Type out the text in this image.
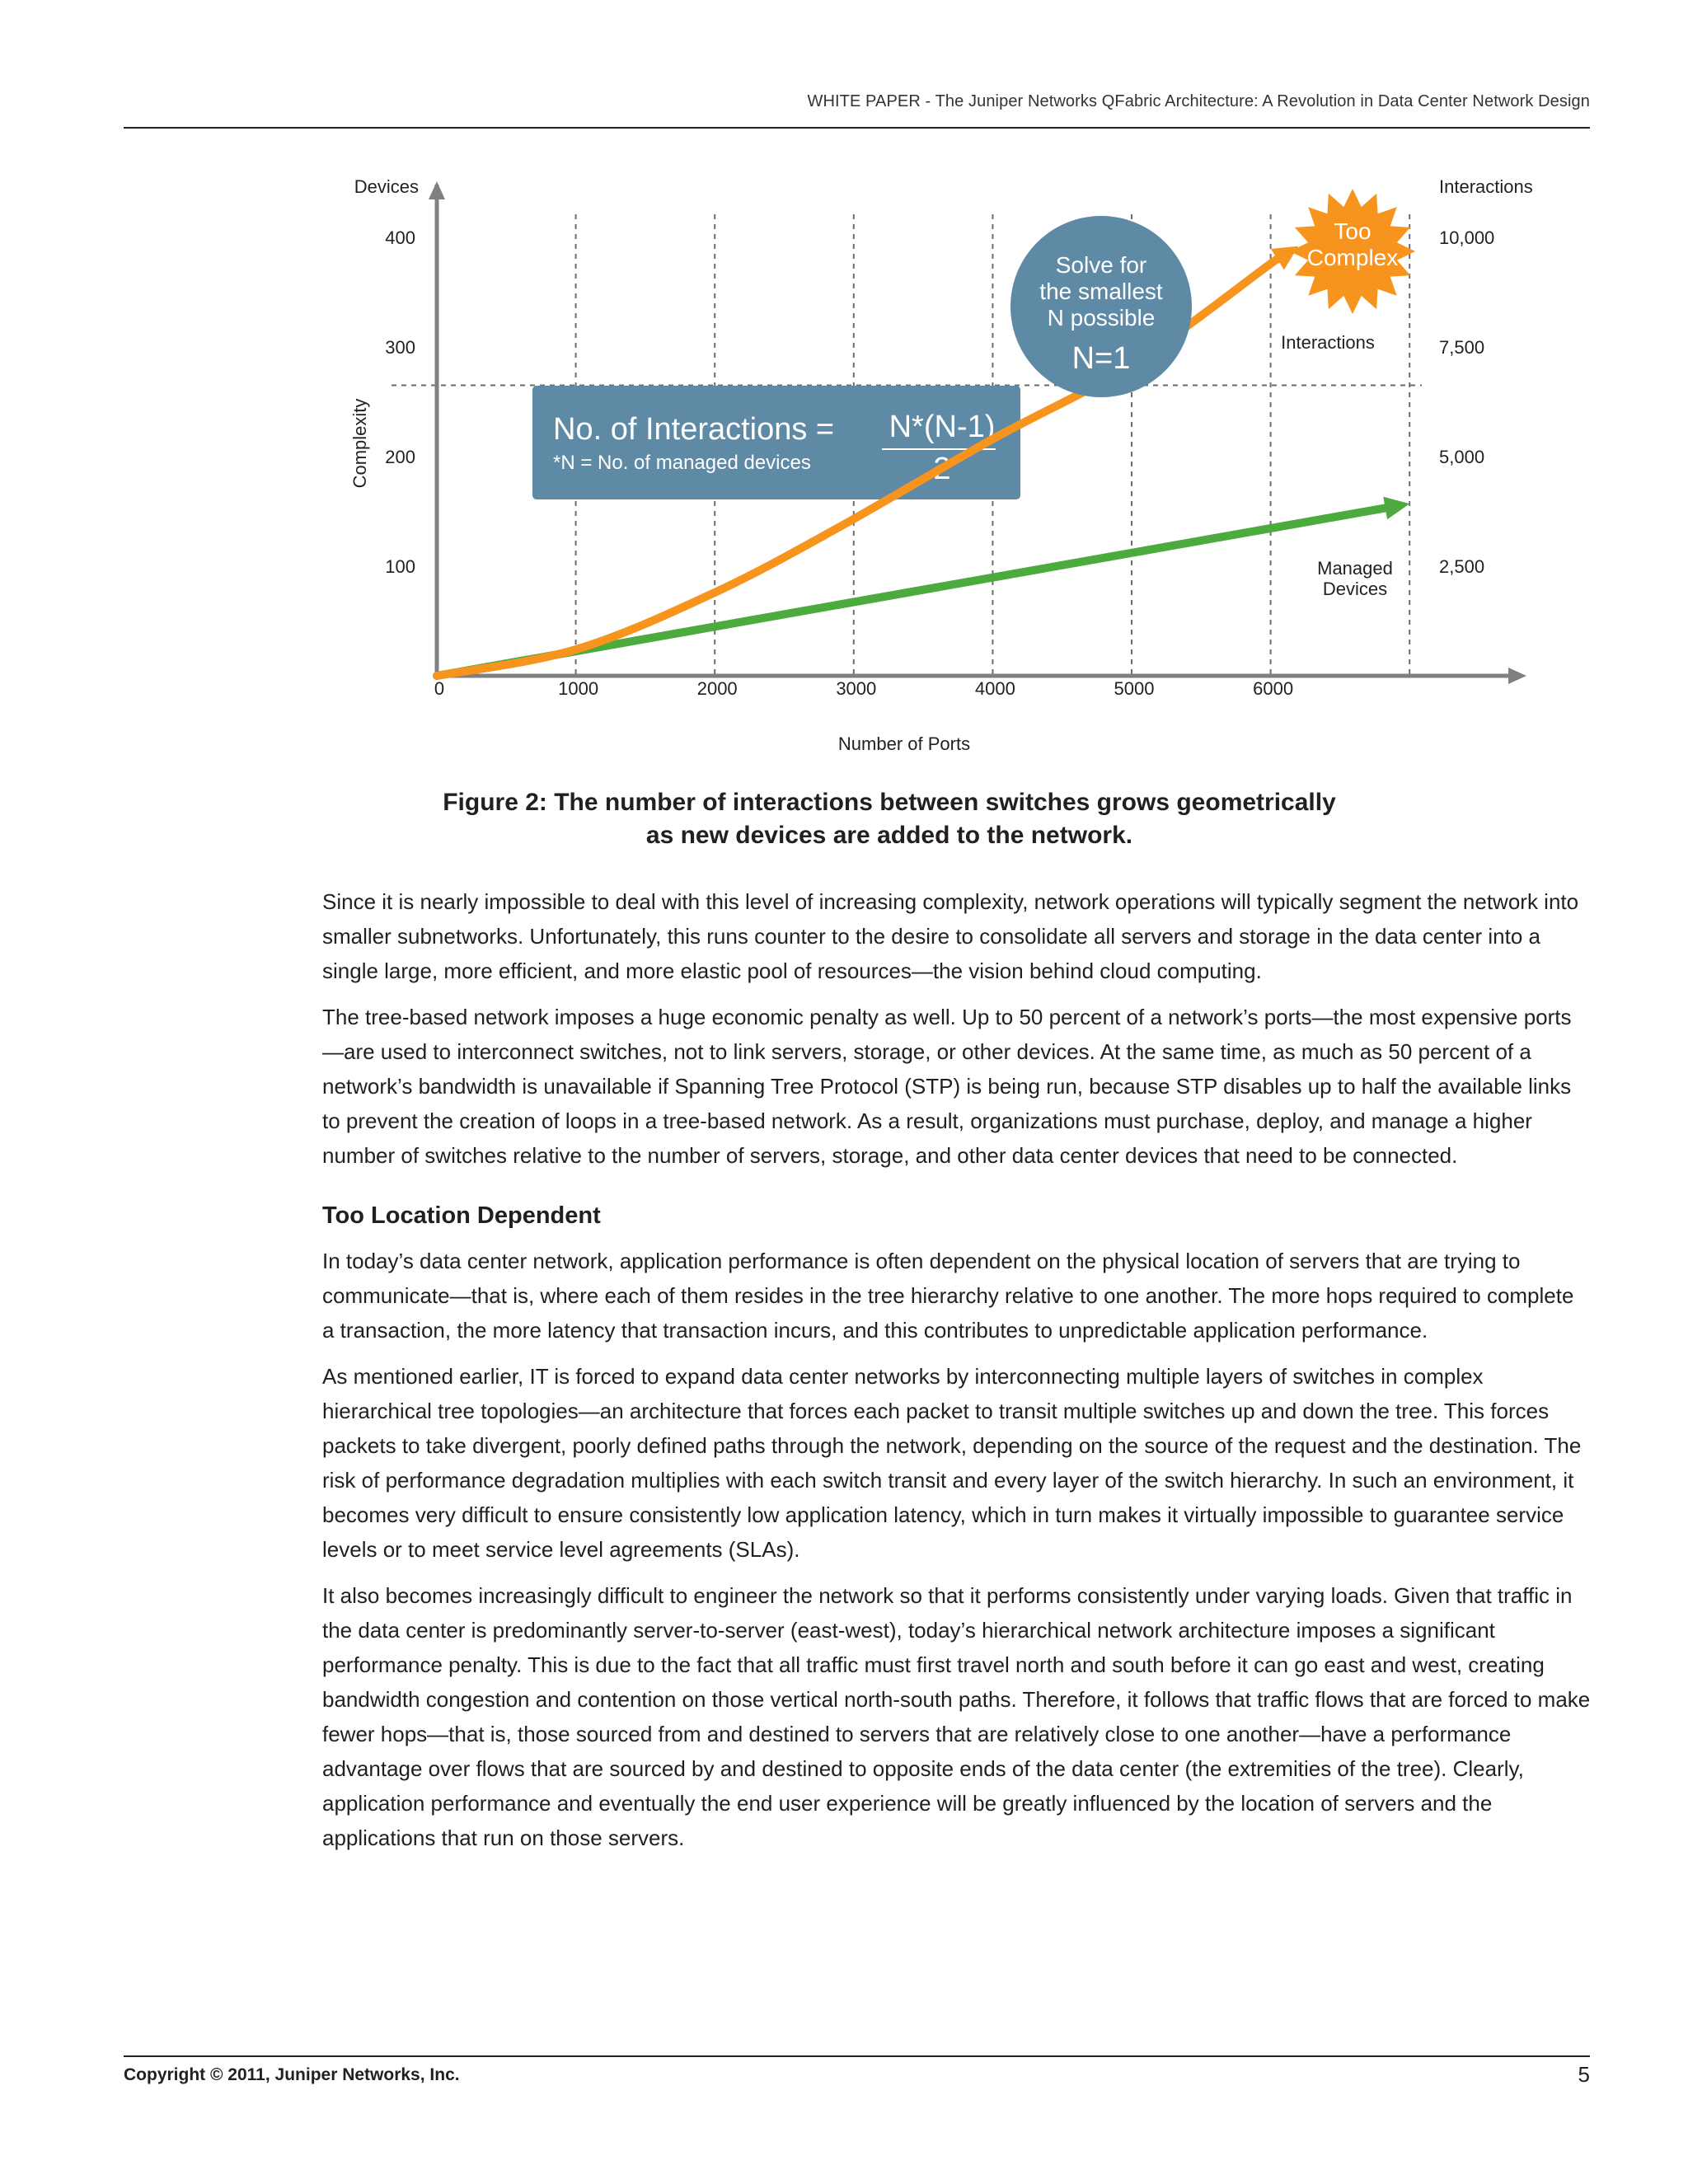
WHITE PAPER - The Juniper Networks QFabric Architecture: A Revolution in Data Center Network Design
0	1000	2000	3000	4000	5000	6000
100
200
300
400
2,500
5,000
7,500
10,000
Devices	Interactions
Complexity
Number of Ports
No. of Interactions = N*(N-1)
2
*N = No. of managed devices
Interactions
Managed
Devices
Solve for
the smallest
N possible
N=1
Too
Complex
Figure 2: The number of interactions between switches grows geometrically as new devices are added to the network.

Since it is nearly impossible to deal with this level of increasing complexity, network operations will typically segment the network into smaller subnetworks. Unfortunately, this runs counter to the desire to consolidate all servers and storage in the data center into a single large, more efficient, and more elastic pool of resources—the vision behind cloud computing.

The tree-based network imposes a huge economic penalty as well. Up to 50 percent of a network’s ports—the most expensive ports—are used to interconnect switches, not to link servers, storage, or other devices. At the same time, as much as 50 percent of a network’s bandwidth is unavailable if Spanning Tree Protocol (STP) is being run, because STP disables up to half the available links to prevent the creation of loops in a tree-based network. As a result, organizations must purchase, deploy, and manage a higher number of switches relative to the number of servers, storage, and other data center devices that need to be connected.

Too Location Dependent

In today’s data center network, application performance is often dependent on the physical location of servers that are trying to communicate—that is, where each of them resides in the tree hierarchy relative to one another. The more hops required to complete a transaction, the more latency that transaction incurs, and this contributes to unpredictable application performance.

As mentioned earlier, IT is forced to expand data center networks by interconnecting multiple layers of switches in complex hierarchical tree topologies—an architecture that forces each packet to transit multiple switches up and down the tree. This forces packets to take divergent, poorly defined paths through the network, depending on the source of the request and the destination. The risk of performance degradation multiplies with each switch transit and every layer of the switch hierarchy. In such an environment, it becomes very difficult to ensure consistently low application latency, which in turn makes it virtually impossible to guarantee service levels or to meet service level agreements (SLAs).

It also becomes increasingly difficult to engineer the network so that it performs consistently under varying loads. Given that traffic in the data center is predominantly server-to-server (east-west), today’s hierarchical network architecture imposes a significant performance penalty. This is due to the fact that all traffic must first travel north and south before it can go east and west, creating bandwidth congestion and contention on those vertical north-south paths. Therefore, it follows that traffic flows that are forced to make fewer hops—that is, those sourced from and destined to servers that are relatively close to one another—have a performance advantage over flows that are sourced by and destined to opposite ends of the data center (the extremities of the tree). Clearly, application performance and eventually the end user experience will be greatly influenced by the location of servers and the applications that run on those servers.

Copyright © 2011, Juniper Networks, Inc.	5
